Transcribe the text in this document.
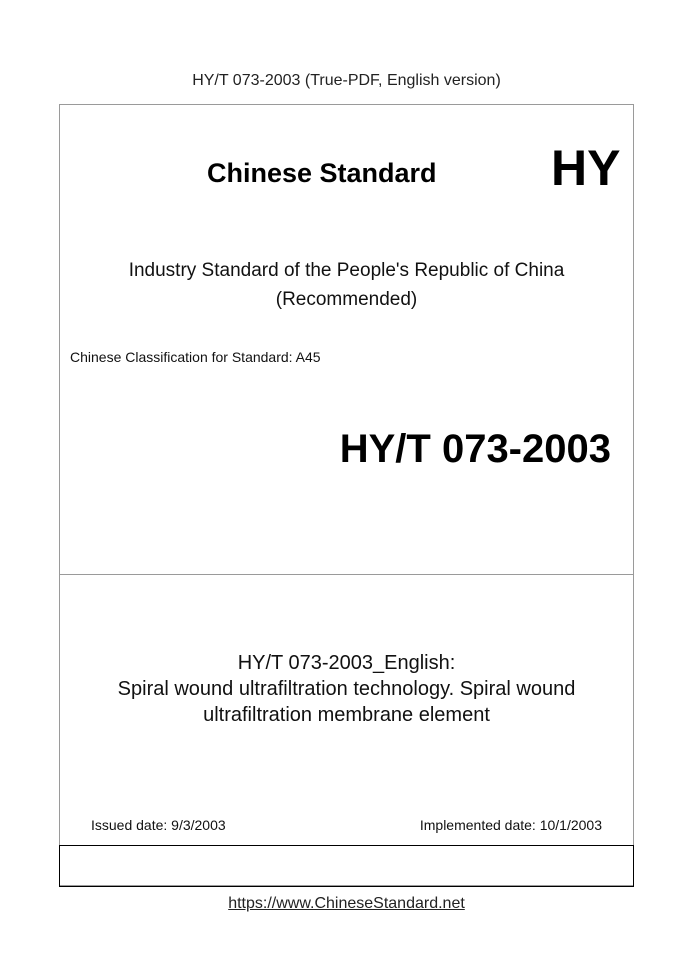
HY/T 073-2003 (True-PDF, English version)
Chinese Standard HY
Industry Standard of the People's Republic of China
(Recommended)
Chinese Classification for Standard: A45
HY/T 073-2003
HY/T 073-2003_English:
Spiral wound ultrafiltration technology. Spiral wound
ultrafiltration membrane element
Issued date: 9/3/2003	Implemented date: 10/1/2003
https://www.ChineseStandard.net
